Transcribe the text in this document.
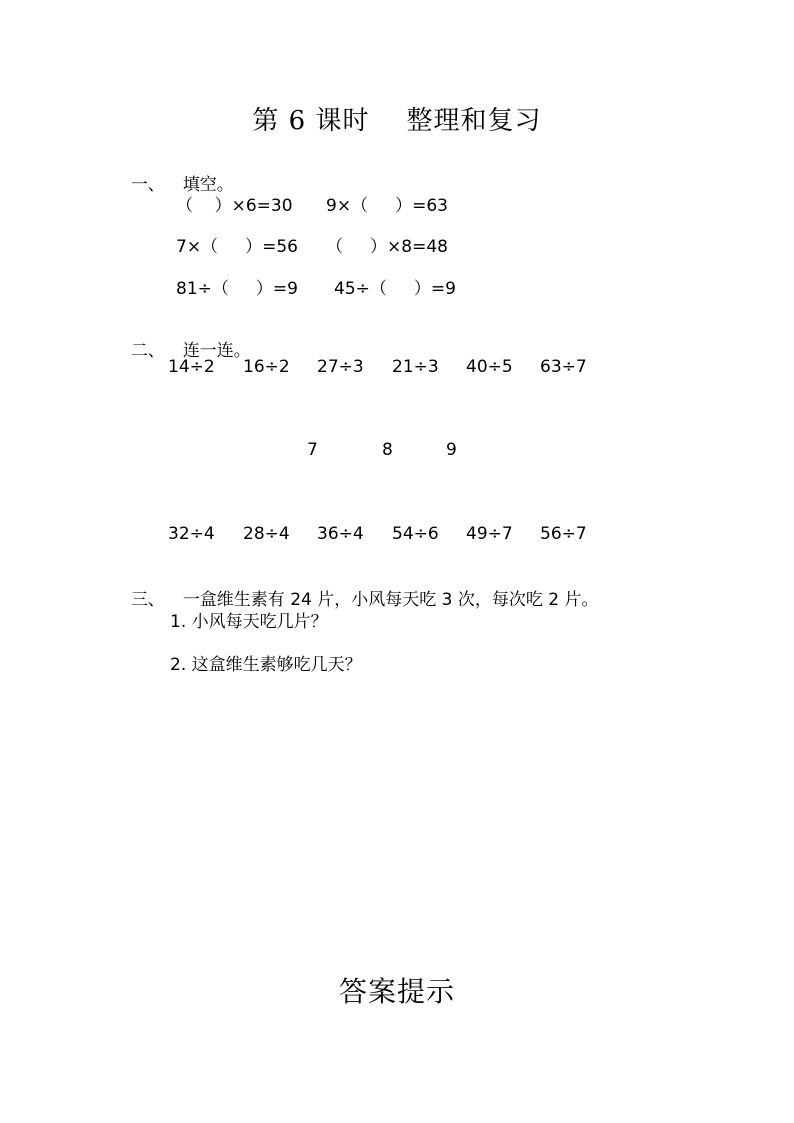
第 6 课时    整理和复习

一、 填空。

（    ）×6=30 9×（     ）=63
7×（     ）=56 （     ）×8=48
81÷（     ）=9 45÷（     ）=9

二、 连一连。

14÷2 16÷2 27÷3 21÷3 40÷5 63÷7
7	8	9
32÷4 28÷4 36÷4 54÷6 49÷7 56÷7

三、 一盒维生素有 24 片，小风每天吃 3 次，每次吃 2 片。

1. 小风每天吃几片？
2. 这盒维生素够吃几天？
答案提示
